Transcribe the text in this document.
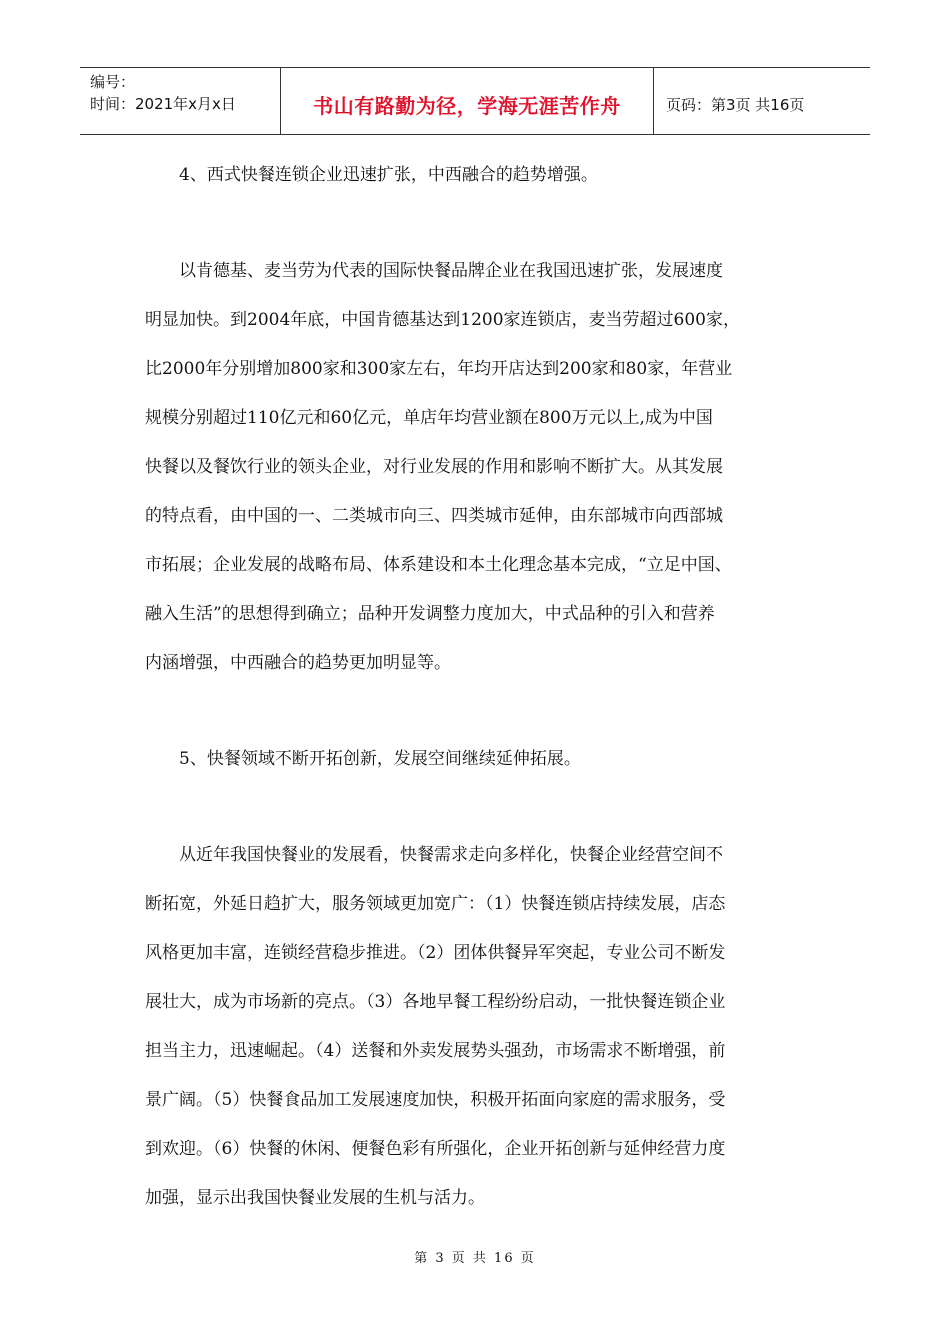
编号：
时间：2021年x月x日	书山有路勤为径，学海无涯苦作舟	页码：第3页 共16页
4、西式快餐连锁企业迅速扩张，中西融合的趋势增强。
以肯德基、麦当劳为代表的国际快餐品牌企业在我国迅速扩张，发展速度
明显加快。到2004年底，中国肯德基达到1200家连锁店，麦当劳超过600家，
比2000年分别增加800家和300家左右，年均开店达到200家和80家，年营业
规模分别超过110亿元和60亿元，单店年均营业额在800万元以上,成为中国
快餐以及餐饮行业的领头企业，对行业发展的作用和影响不断扩大。从其发展
的特点看，由中国的一、二类城市向三、四类城市延伸，由东部城市向西部城
市拓展；企业发展的战略布局、体系建设和本土化理念基本完成，“立足中国、
融入生活”的思想得到确立；品种开发调整力度加大，中式品种的引入和营养
内涵增强，中西融合的趋势更加明显等。
5、快餐领域不断开拓创新，发展空间继续延伸拓展。
从近年我国快餐业的发展看，快餐需求走向多样化，快餐企业经营空间不
断拓宽，外延日趋扩大，服务领域更加宽广：（1）快餐连锁店持续发展，店态
风格更加丰富，连锁经营稳步推进。（2）团体供餐异军突起，专业公司不断发
展壮大，成为市场新的亮点。（3）各地早餐工程纷纷启动，一批快餐连锁企业
担当主力，迅速崛起。（4）送餐和外卖发展势头强劲，市场需求不断增强，前
景广阔。（5）快餐食品加工发展速度加快，积极开拓面向家庭的需求服务，受
到欢迎。（6）快餐的休闲、便餐色彩有所强化，企业开拓创新与延伸经营力度
加强，显示出我国快餐业发展的生机与活力。
第 3 页 共 16 页
